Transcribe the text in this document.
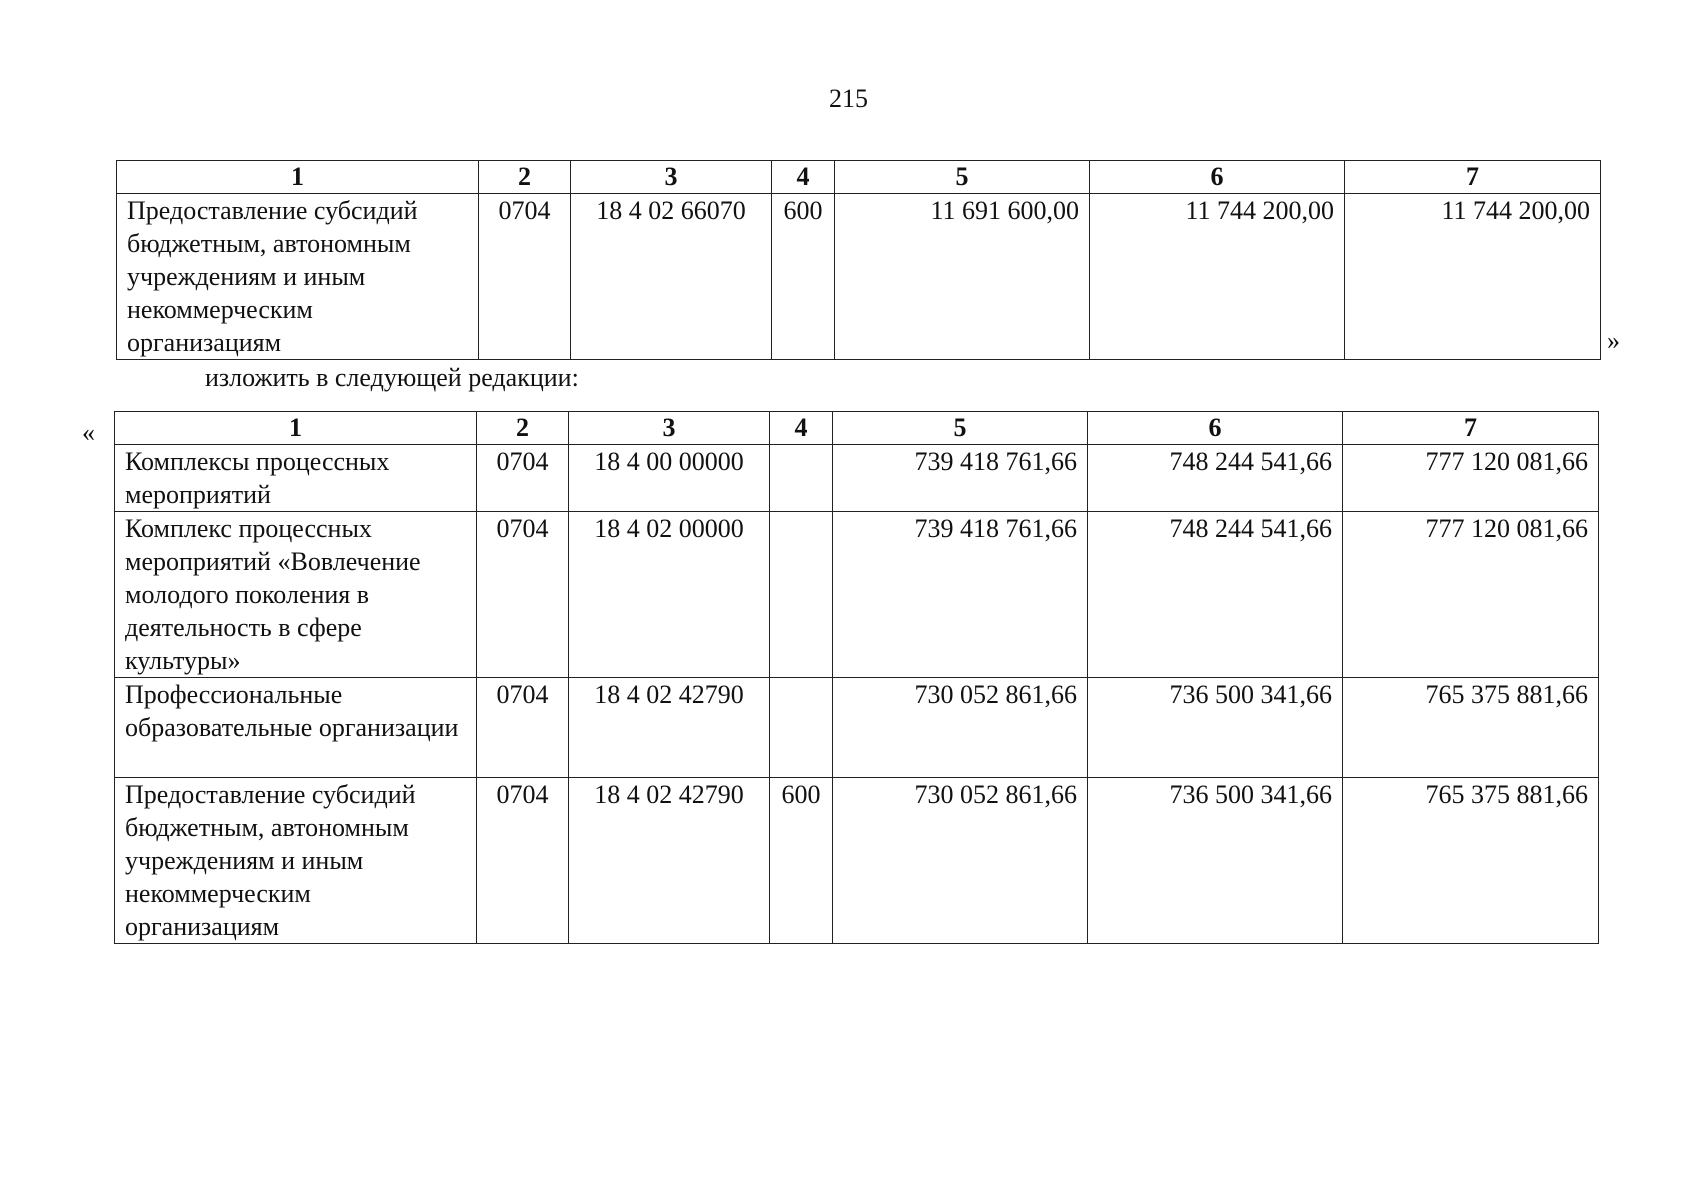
215
1	2	3	4	5	6	7
Предоставление субсидий бюджетным, автономным учреждениям и иным некоммерческим организациям	0704	18 4 02 66070	600	11 691 600,00	11 744 200,00	11 744 200,00
»
изложить в следующей редакции:
«	1	2	3	4	5	6	7
Комплексы процессных мероприятий	0704	18 4 00 00000		739 418 761,66	748 244 541,66	777 120 081,66
Комплекс процессных мероприятий «Вовлечение молодого поколения в деятельность в сфере культуры»	0704	18 4 02 00000		739 418 761,66	748 244 541,66	777 120 081,66
Профессиональные образовательные организации	0704	18 4 02 42790		730 052 861,66	736 500 341,66	765 375 881,66
Предоставление субсидий бюджетным, автономным учреждениям и иным некоммерческим организациям	0704	18 4 02 42790	600	730 052 861,66	736 500 341,66	765 375 881,66
